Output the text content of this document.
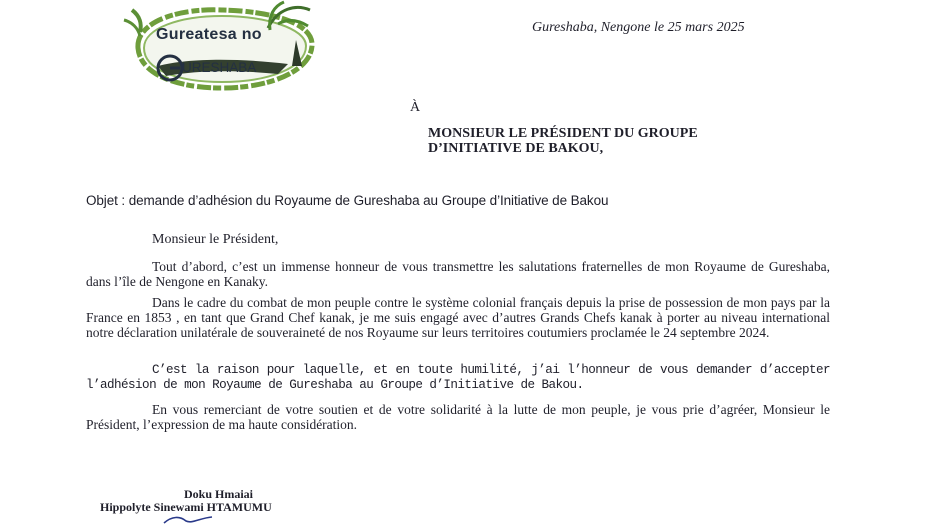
Gureatesa no
URESHABA
Gureshaba, Nengone le 25 mars 2025
À
MONSIEUR LE PRÉSIDENT DU GROUPE
D’INITIATIVE DE BAKOU,
Objet : demande d’adhésion du Royaume de Gureshaba au Groupe d’Initiative de Bakou
Monsieur le Président,

Tout d’abord, c’est un immense honneur de vous transmettre les salutations fraternelles de mon Royaume de Gureshaba, dans l’île de Nengone en Kanaky.

Dans le cadre du combat de mon peuple contre le système colonial français depuis la prise de possession de mon pays par la France en 1853 , en tant que Grand Chef kanak, je me suis engagé avec d’autres Grands Chefs kanak à porter au niveau international notre déclaration unilatérale de souveraineté de nos Royaume sur leurs territoires coutumiers proclamée le 24 septembre 2024.

C’est la raison pour laquelle, et en toute humilité, j’ai l’honneur de vous demander d’accepter l’adhésion de mon Royaume de Gureshaba au Groupe d’Initiative de Bakou.

En vous remerciant de votre soutien et de votre solidarité à la lutte de mon peuple, je vous prie d’agréer, Monsieur le Président, l’expression de ma haute considération.

Doku Hmaiai
Hippolyte Sinewami HTAMUMU
